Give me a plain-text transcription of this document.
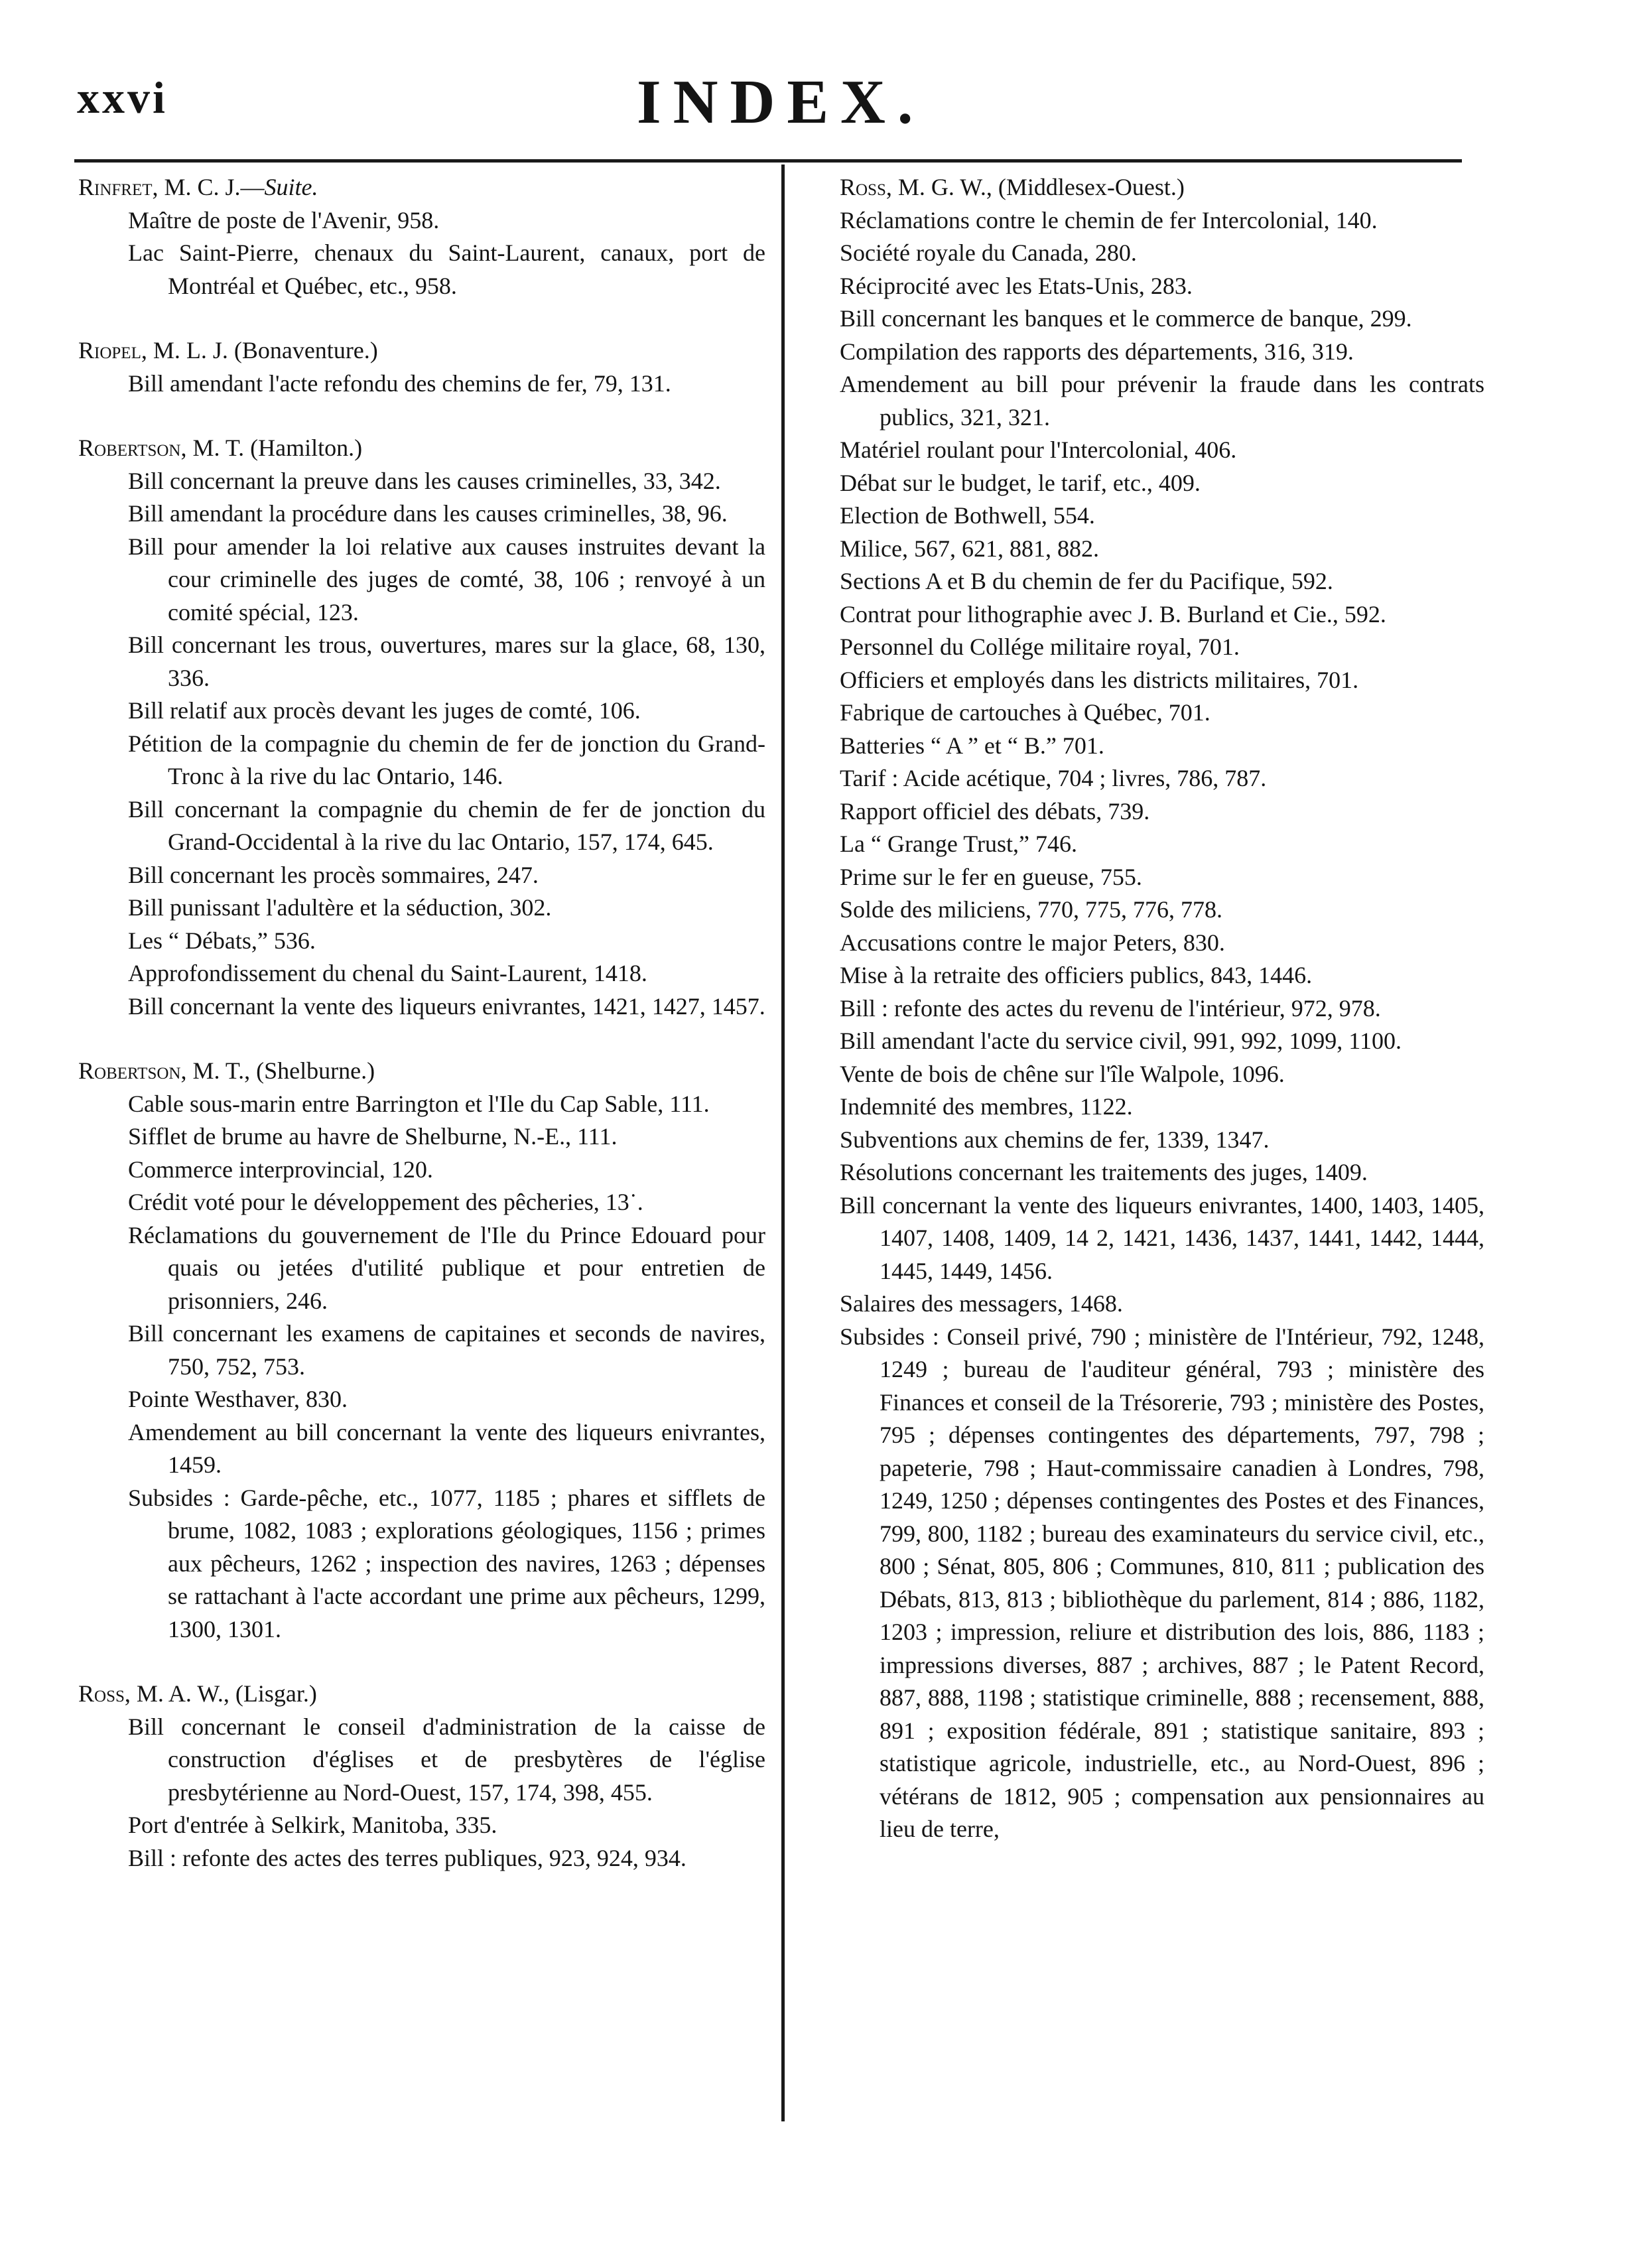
xxvi	INDEX.

Rinfret, M. C. J.—Suite.

Maître de poste de l'Avenir, 958.

Lac Saint-Pierre, chenaux du Saint-Laurent, canaux, port de Montréal et Québec, etc., 958.

Riopel, M. L. J. (Bonaventure.)

Bill amendant l'acte refondu des chemins de fer, 79, 131.

Robertson, M. T. (Hamilton.)

Bill concernant la preuve dans les causes criminelles, 33, 342.

Bill amendant la procédure dans les causes criminelles, 38, 96.

Bill pour amender la loi relative aux causes instruites devant la cour criminelle des juges de comté, 38, 106 ; renvoyé à un comité spécial, 123.

Bill concernant les trous, ouvertures, mares sur la glace, 68, 130, 336.

Bill relatif aux procès devant les juges de comté, 106.

Pétition de la compagnie du chemin de fer de jonction du Grand-Tronc à la rive du lac Ontario, 146.

Bill concernant la compagnie du chemin de fer de jonction du Grand-Occidental à la rive du lac Ontario, 157, 174, 645.

Bill concernant les procès sommaires, 247.

Bill punissant l'adultère et la séduction, 302.

Les “ Débats,” 536.

Approfondissement du chenal du Saint-Laurent, 1418.

Bill concernant la vente des liqueurs enivrantes, 1421, 1427, 1457.

Robertson, M. T., (Shelburne.)

Cable sous-marin entre Barrington et l'Ile du Cap Sable, 111.

Sifflet de brume au havre de Shelburne, N.-E., 111.

Commerce interprovincial, 120.

Crédit voté pour le développement des pêcheries, 13˙.

Réclamations du gouvernement de l'Ile du Prince Edouard pour quais ou jetées d'utilité publique et pour entretien de prisonniers, 246.

Bill concernant les examens de capitaines et seconds de navires, 750, 752, 753.

Pointe Westhaver, 830.

Amendement au bill concernant la vente des liqueurs enivrantes, 1459.

Subsides : Garde-pêche, etc., 1077, 1185 ; phares et sifflets de brume, 1082, 1083 ; explorations géologiques, 1156 ; primes aux pêcheurs, 1262 ; inspection des navires, 1263 ; dépenses se rattachant à l'acte accordant une prime aux pêcheurs, 1299, 1300, 1301.

Ross, M. A. W., (Lisgar.)

Bill concernant le conseil d'administration de la caisse de construction d'églises et de presbytères de l'église presbytérienne au Nord-Ouest, 157, 174, 398, 455.

Port d'entrée à Selkirk, Manitoba, 335.

Bill : refonte des actes des terres publiques, 923, 924, 934.

Ross, M. G. W., (Middlesex-Ouest.)

Réclamations contre le chemin de fer Intercolonial, 140.

Société royale du Canada, 280.

Réciprocité avec les Etats-Unis, 283.

Bill concernant les banques et le commerce de banque, 299.

Compilation des rapports des départements, 316, 319.

Amendement au bill pour prévenir la fraude dans les contrats publics, 321, 321.

Matériel roulant pour l'Intercolonial, 406.

Débat sur le budget, le tarif, etc., 409.

Election de Bothwell, 554.

Milice, 567, 621, 881, 882.

Sections A et B du chemin de fer du Pacifique, 592.

Contrat pour lithographie avec J. B. Burland et Cie., 592.

Personnel du Collége militaire royal, 701.

Officiers et employés dans les districts militaires, 701.

Fabrique de cartouches à Québec, 701.

Batteries “ A ” et “ B.” 701.

Tarif : Acide acétique, 704 ; livres, 786, 787.

Rapport officiel des débats, 739.

La “ Grange Trust,” 746.

Prime sur le fer en gueuse, 755.

Solde des miliciens, 770, 775, 776, 778.

Accusations contre le major Peters, 830.

Mise à la retraite des officiers publics, 843, 1446.

Bill : refonte des actes du revenu de l'intérieur, 972, 978.

Bill amendant l'acte du service civil, 991, 992, 1099, 1100.

Vente de bois de chêne sur l'île Walpole, 1096.

Indemnité des membres, 1122.

Subventions aux chemins de fer, 1339, 1347.

Résolutions concernant les traitements des juges, 1409.

Bill concernant la vente des liqueurs enivrantes, 1400, 1403, 1405, 1407, 1408, 1409, 14 2, 1421, 1436, 1437, 1441, 1442, 1444, 1445, 1449, 1456.

Salaires des messagers, 1468.

Subsides : Conseil privé, 790 ; ministère de l'Intérieur, 792, 1248, 1249 ; bureau de l'auditeur général, 793 ; ministère des Finances et conseil de la Trésorerie, 793 ; ministère des Postes, 795 ; dépenses contingentes des départements, 797, 798 ; papeterie, 798 ; Haut-commissaire canadien à Londres, 798, 1249, 1250 ; dépenses contingentes des Postes et des Finances, 799, 800, 1182 ; bureau des examinateurs du service civil, etc., 800 ; Sénat, 805, 806 ; Communes, 810, 811 ; publication des Débats, 813, 813 ; bibliothèque du parlement, 814 ; 886, 1182, 1203 ; impression, reliure et distribution des lois, 886, 1183 ; impressions diverses, 887 ; archives, 887 ; le Patent Record, 887, 888, 1198 ; statistique criminelle, 888 ; recensement, 888, 891 ; exposition fédérale, 891 ; statistique sanitaire, 893 ; statistique agricole, industrielle, etc., au Nord-Ouest, 896 ; vétérans de 1812, 905 ; compensation aux pensionnaires au lieu de terre,
